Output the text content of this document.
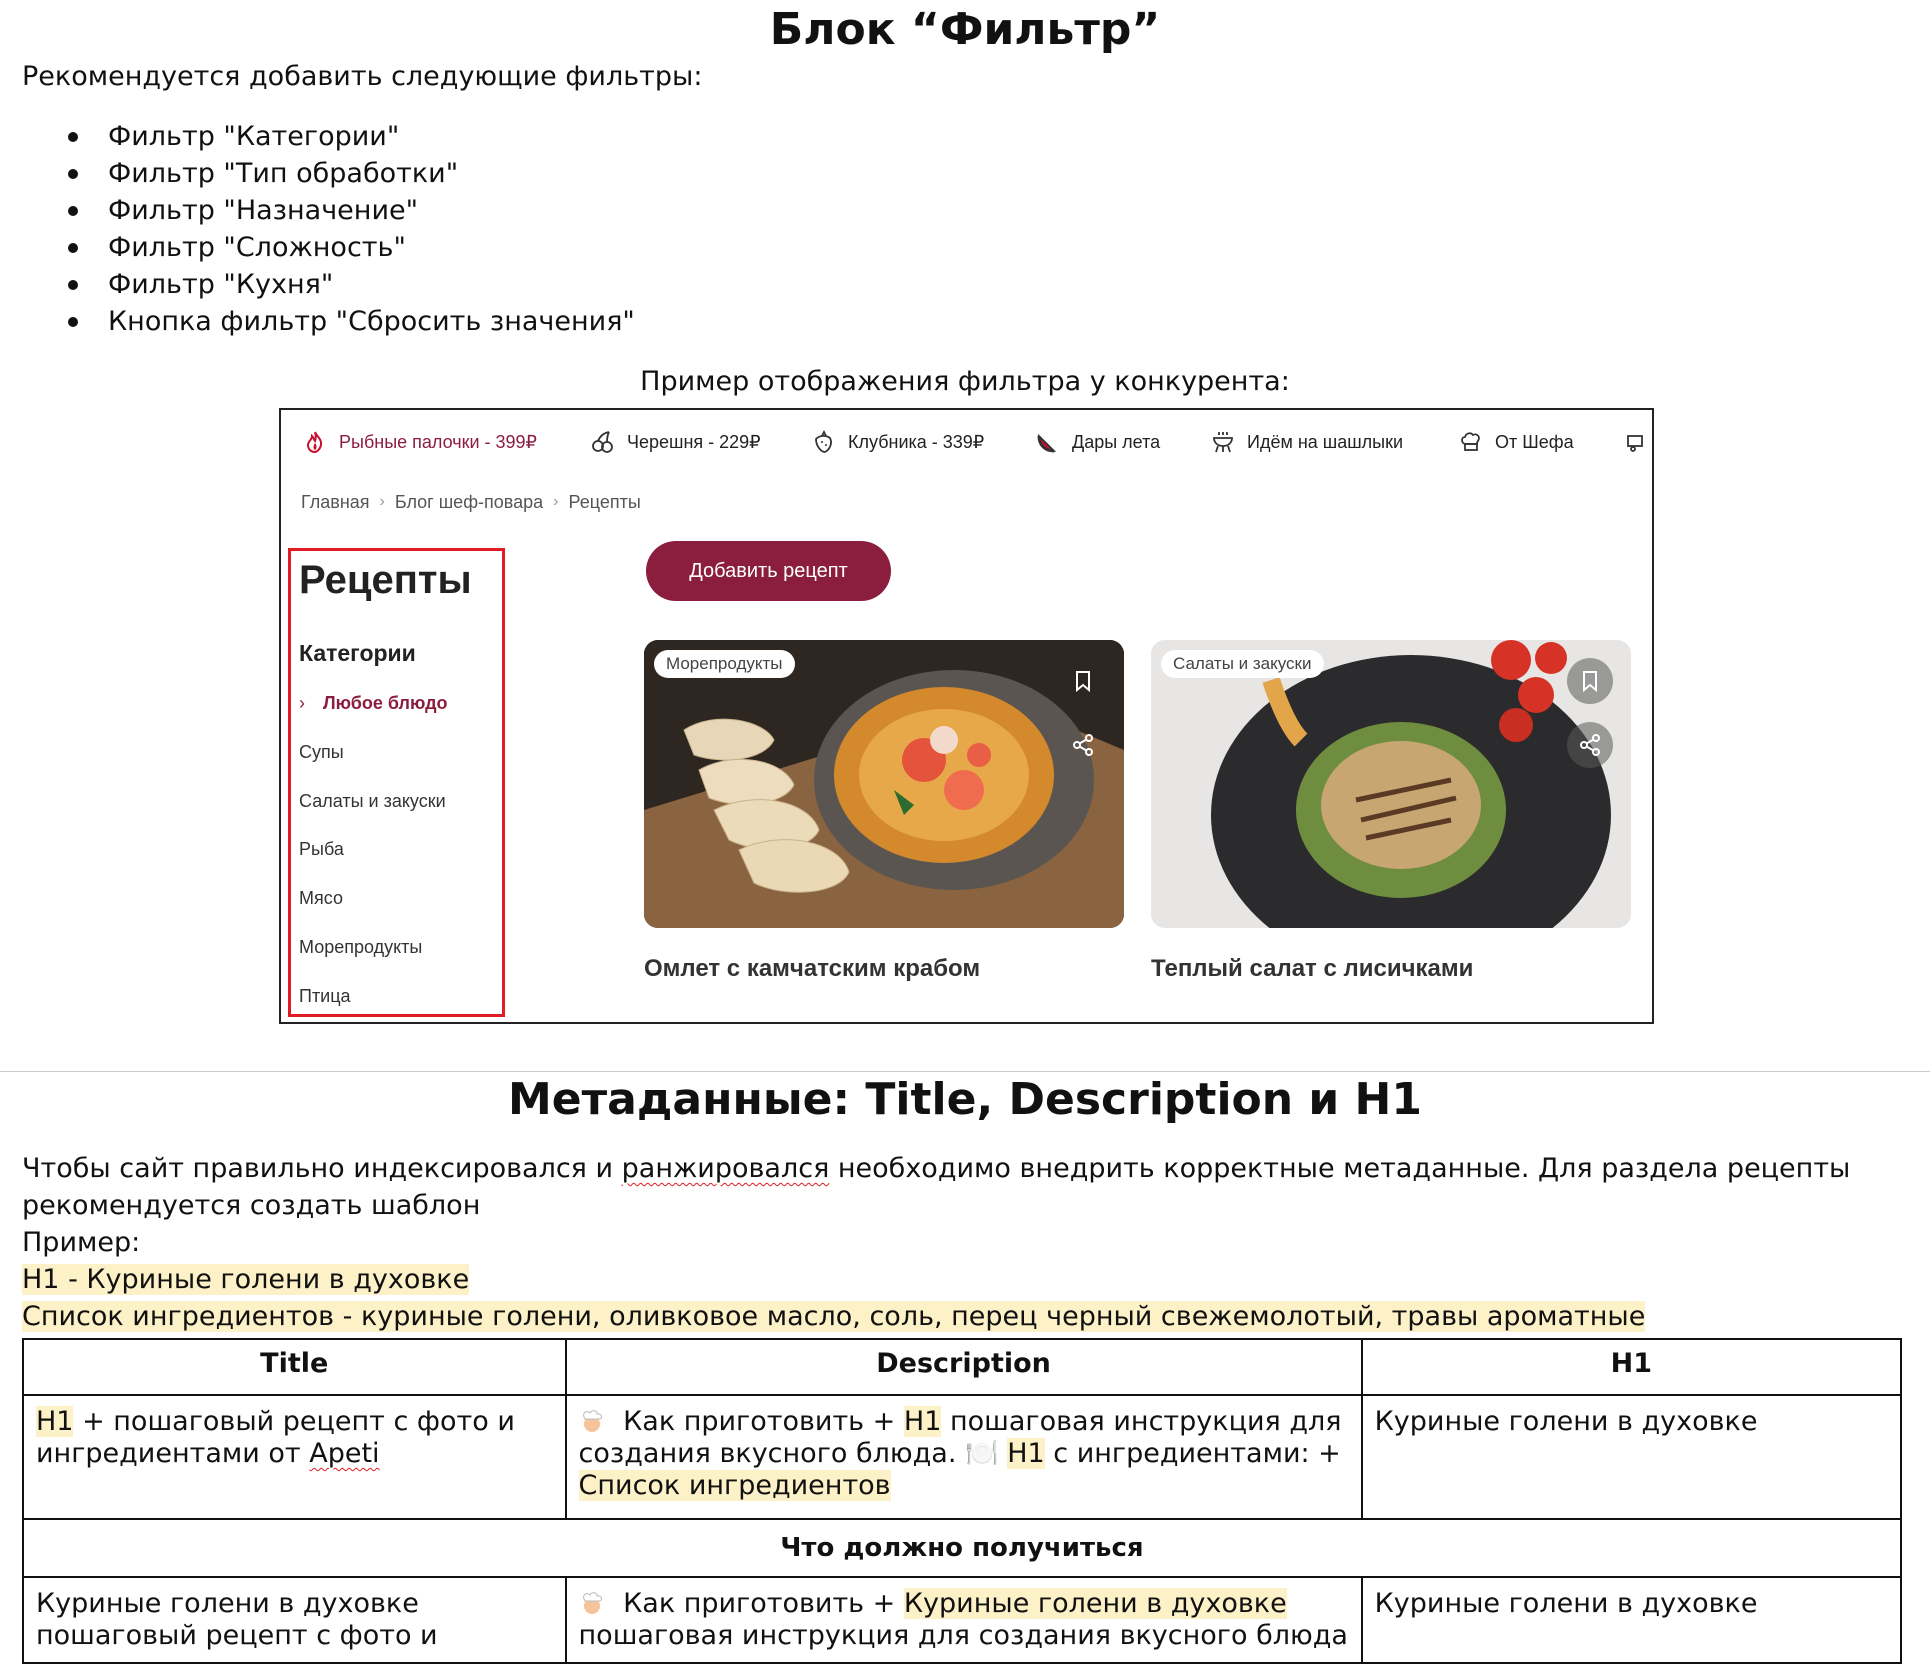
Блок “Фильтр”
Рекомендуется добавить следующие фильтры:
Фильтр "Категории"
Фильтр "Тип обработки"
Фильтр "Назначение"
Фильтр "Сложность"
Фильтр "Кухня"
Кнопка фильтр "Сбросить значения"
Пример отображения фильтра у конкурента:
Рыбные палочки - 399₽	Черешня - 229₽	Клубника - 339₽	Дары лета	Идём на шашлыки	От Шефа
Главная › Блог шеф-повара › Рецепты
Рецепты
Категории
› Любое блюдо
Супы
Салаты и закуски
Рыба
Мясо
Морепродукты
Птица
Добавить рецепт
Морепродукты
Омлет с камчатским крабом
Салаты и закуски
Теплый салат с лисичками
Метаданные: Title, Description и H1
Чтобы сайт правильно индексировался и ранжировался необходимо внедрить корректные метаданные. Для раздела рецепты
рекомендуется создать шаблон
Пример:
H1 - Куриные голени в духовке
Список ингредиентов - куриные голени, оливковое масло, соль, перец черный свежемолотый, травы ароматные
Title	Description	H1
H1 + пошаговый рецепт с фото и ингредиентами от Apeti	Как приготовить + H1 пошаговая инструкция для создания вкусного блюда. 🍽️ H1 с ингредиентами: + Список ингредиентов	Куриные голени в духовке
Что должно получиться		
Куриные голени в духовке пошаговый рецепт с фото и	Как приготовить + Куриные голени в духовке пошаговая инструкция для создания вкусного блюда	Куриные голени в духовке
